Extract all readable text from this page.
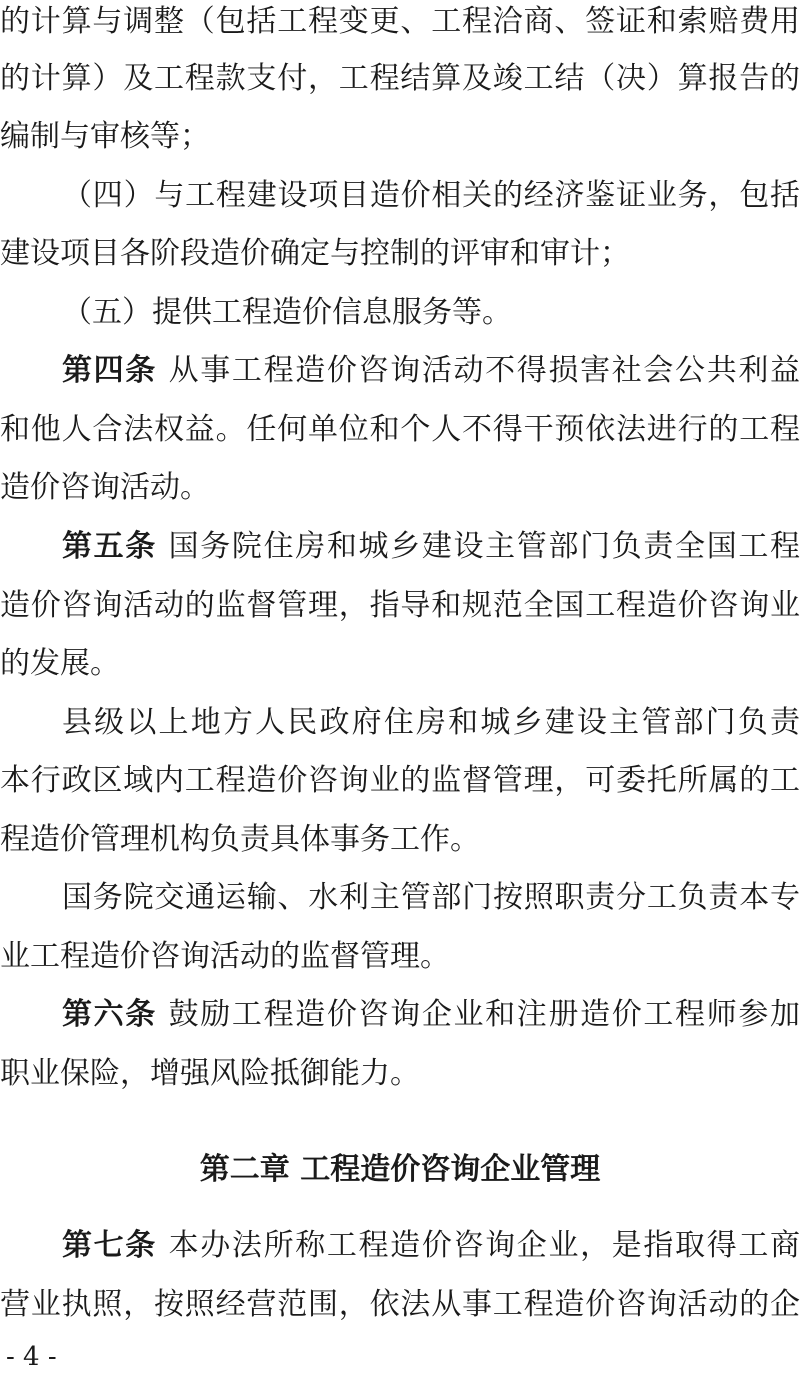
的计算与调整（包括工程变更、工程洽商、签证和索赔费用
的计算）及工程款支付，工程结算及竣工结（决）算报告的
编制与审核等；
（四）与工程建设项目造价相关的经济鉴证业务，包括
建设项目各阶段造价确定与控制的评审和审计；
（五）提供工程造价信息服务等。
第四条 从事工程造价咨询活动不得损害社会公共利益
和他人合法权益。任何单位和个人不得干预依法进行的工程
造价咨询活动。
第五条 国务院住房和城乡建设主管部门负责全国工程
造价咨询活动的监督管理，指导和规范全国工程造价咨询业
的发展。
县级以上地方人民政府住房和城乡建设主管部门负责
本行政区域内工程造价咨询业的监督管理，可委托所属的工
程造价管理机构负责具体事务工作。
国务院交通运输、水利主管部门按照职责分工负责本专
业工程造价咨询活动的监督管理。
第六条 鼓励工程造价咨询企业和注册造价工程师参加
职业保险，增强风险抵御能力。
第二章 工程造价咨询企业管理
第七条 本办法所称工程造价咨询企业，是指取得工商
营业执照，按照经营范围，依法从事工程造价咨询活动的企
- 4 -
